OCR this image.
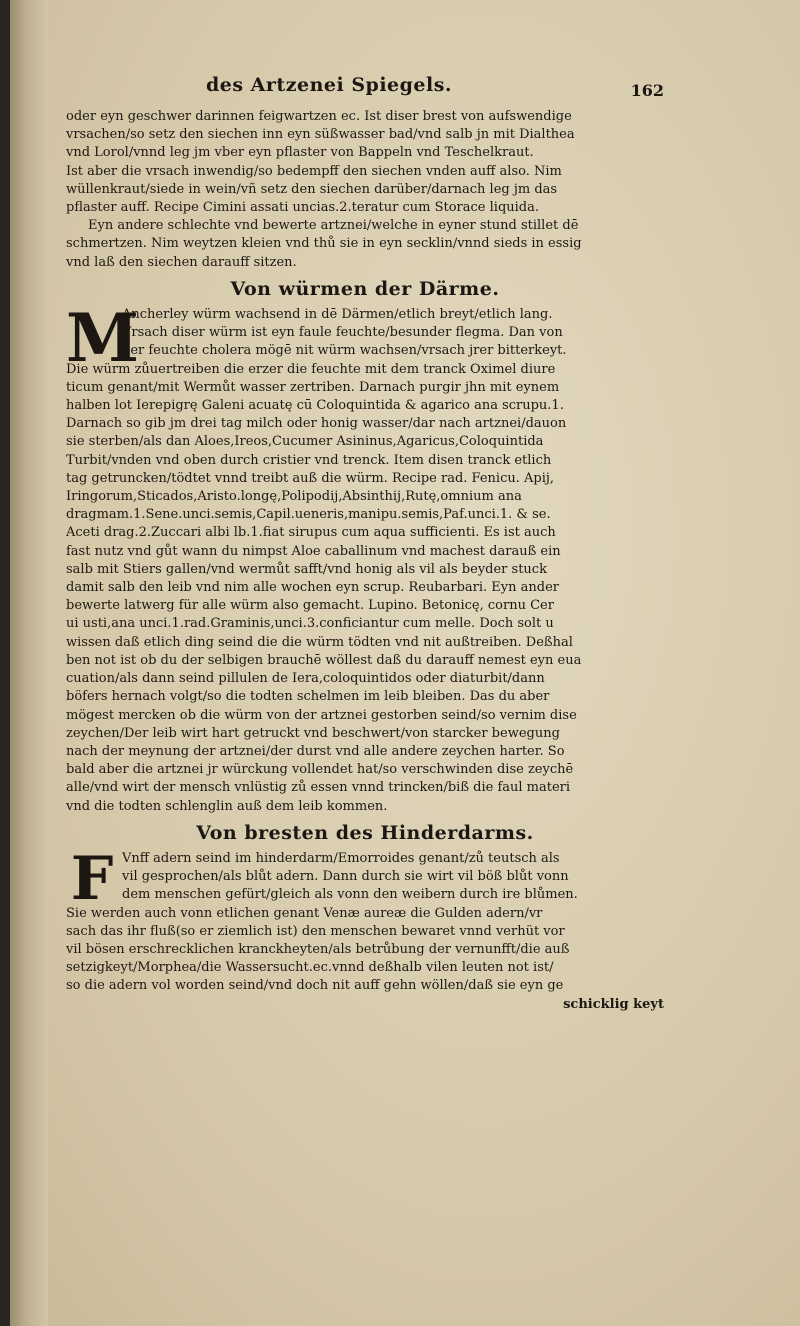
des Artzenei Spiegels.	162

oder eyn geschwer darinnen feigwartzen ec. Ist diser brest von aufswendige
vrsachen/so setz den siechen inn eyn süßwasser bad/vnd salb jn mit Dialthea
vnd Lorol/vnnd leg jm vber eyn pflaster von Bappeln vnd Teschelkraut.
Ist aber die vrsach inwendig/so bedempff den siechen vnden auff also. Nim
wüllenkraut/siede in wein/vñ setz den siechen darüber/darnach leg jm das
pflaster auff. Recipe Cimini assati uncias.2.teratur cum Storace liquida.
Eyn andere schlechte vnd bewerte artznei/welche in eyner stund stillet dē
schmertzen. Nim weytzen kleien vnd thů sie in eyn secklin/vnnd sieds in essig
vnd laß den siechen darauff sitzen.

Von würmen der Därme.
M
Ancherley würm wachsend in dē Därmen/etlich breyt/etlich lang.
Vrsach diser würm ist eyn faule feuchte/besunder flegma. Dan von
der feuchte cholera mögē nit würm wachsen/vrsach jrer bitterkeyt.

Die würm zůuertreiben die erzer die feuchte mit dem tranck Oximel diure
ticum genant/mit Wermůt wasser zertriben. Darnach purgir jhn mit eynem
halben lot Ierepigrę Galeni acuatę cū Coloquintida & agarico ana scrupu.1.
Darnach so gib jm drei tag milch oder honig wasser/dar nach artznei/dauon
sie sterben/als dan Aloes,Ireos,Cucumer Asininus,Agaricus,Coloquintida
Turbit/vnden vnd oben durch cristier vnd trenck. Item disen tranck etlich
tag getruncken/tödtet vnnd treibt auß die würm. Recipe rad. Fenicu. Apij,
Iringorum,Sticados,Aristo.longę,Polipodij,Absinthij,Rutę,omnium ana
dragmam.1.Sene.unci.semis,Capil.ueneris,manipu.semis,Paf.unci.1. & se.
Aceti drag.2.Zuccari albi lb.1.fiat sirupus cum aqua sufficienti. Es ist auch
fast nutz vnd gůt wann du nimpst Aloe caballinum vnd machest darauß ein
salb mit Stiers gallen/vnd wermůt safft/vnd honig als vil als beyder stuck
damit salb den leib vnd nim alle wochen eyn scrup. Reubarbari. Eyn ander
bewerte latwerg für alle würm also gemacht. Lupino. Betonicę, cornu Cer
ui usti,ana unci.1.rad.Graminis,unci.3.conficiantur cum melle. Doch solt u
wissen daß etlich ding seind die die würm tödten vnd nit außtreiben. Deßhal
ben not ist ob du der selbigen brauchē wöllest daß du darauff nemest eyn eua
cuation/als dann seind pillulen de Iera,coloquintidos oder diaturbit/dann
böfers hernach volgt/so die todten schelmen im leib bleiben. Das du aber
mögest mercken ob die würm von der artznei gestorben seind/so vernim dise
zeychen/Der leib wirt hart getruckt vnd beschwert/von starcker bewegung
nach der meynung der artznei/der durst vnd alle andere zeychen harter. So
bald aber die artznei jr würckung vollendet hat/so verschwinden dise zeychē
alle/vnd wirt der mensch vnlüstig zů essen vnnd trincken/biß die faul materi
vnd die todten schlenglin auß dem leib kommen.

Von bresten des Hinderdarms.
F Vnff adern seind im hinderdarm/Emorroides genant/zů teutsch als
vil gesprochen/als blůt adern. Dann durch sie wirt vil böß blůt vonn
dem menschen gefürt/gleich als vonn den weibern durch ire blůmen.

Sie werden auch vonn etlichen genant Venæ aureæ die Gulden adern/vr
sach das ihr fluß(so er ziemlich ist) den menschen bewaret vnnd verhüt vor
vil bösen erschrecklichen kranckheyten/als betrůbung der vernunfft/die auß
setzigkeyt/Morphea/die Wassersucht.ec.vnnd deßhalb vilen leuten not ist/
so die adern vol worden seind/vnd doch nit auff gehn wöllen/daß sie eyn ge

schicklig keyt
